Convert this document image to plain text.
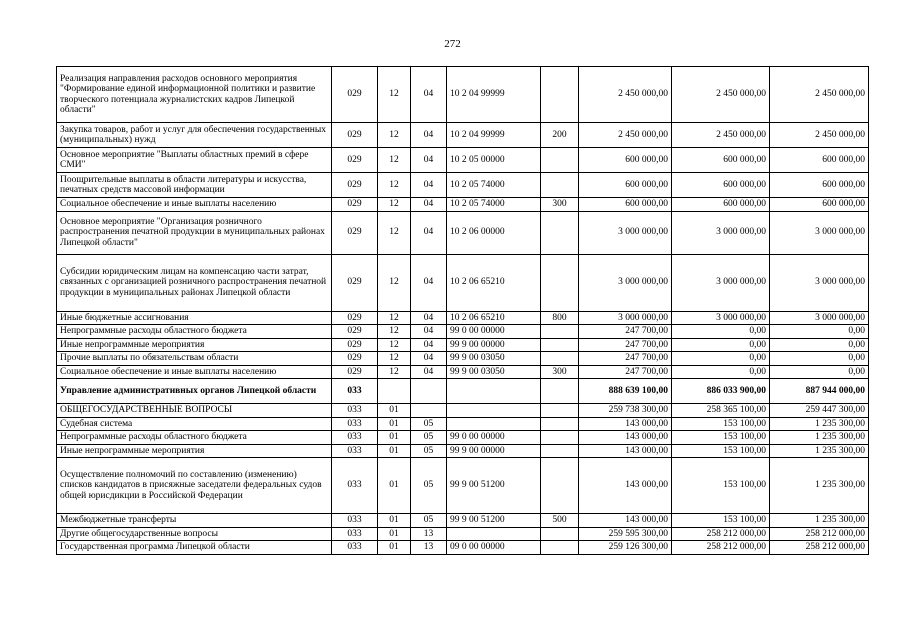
272
Реализация направления расходов основного мероприятия "Формирование единой информационной политики и развитие творческого потенциала журналистских кадров Липецкой области"	029	12	04	10 2 04 99999		2 450 000,00	2 450 000,00	2 450 000,00
Закупка товаров, работ и услуг для обеспечения государственных (муниципальных) нужд	029	12	04	10 2 04 99999	200	2 450 000,00	2 450 000,00	2 450 000,00
Основное мероприятие "Выплаты областных премий в сфере СМИ"	029	12	04	10 2 05 00000		600 000,00	600 000,00	600 000,00
Поощрительные выплаты в области литературы и искусства, печатных средств массовой информации	029	12	04	10 2 05 74000		600 000,00	600 000,00	600 000,00
Социальное обеспечение и иные выплаты населению	029	12	04	10 2 05 74000	300	600 000,00	600 000,00	600 000,00
Основное мероприятие "Организация розничного распространения печатной продукции в муниципальных районах Липецкой области"	029	12	04	10 2 06 00000		3 000 000,00	3 000 000,00	3 000 000,00
Субсидии юридическим лицам на компенсацию части затрат, связанных с организацией розничного распространения печатной продукции в муниципальных районах Липецкой области	029	12	04	10 2 06 65210		3 000 000,00	3 000 000,00	3 000 000,00
Иные бюджетные ассигнования	029	12	04	10 2 06 65210	800	3 000 000,00	3 000 000,00	3 000 000,00
Непрограммные расходы областного бюджета	029	12	04	99 0 00 00000		247 700,00	0,00	0,00
Иные непрограммные мероприятия	029	12	04	99 9 00 00000		247 700,00	0,00	0,00
Прочие выплаты по обязательствам области	029	12	04	99 9 00 03050		247 700,00	0,00	0,00
Социальное обеспечение и иные выплаты населению	029	12	04	99 9 00 03050	300	247 700,00	0,00	0,00
Управление административных органов Липецкой области	033					888 639 100,00	886 033 900,00	887 944 000,00
ОБЩЕГОСУДАРСТВЕННЫЕ ВОПРОСЫ	033	01				259 738 300,00	258 365 100,00	259 447 300,00
Судебная система	033	01	05			143 000,00	153 100,00	1 235 300,00
Непрограммные расходы областного бюджета	033	01	05	99 0 00 00000		143 000,00	153 100,00	1 235 300,00
Иные непрограммные мероприятия	033	01	05	99 9 00 00000		143 000,00	153 100,00	1 235 300,00
Осуществление полномочий по составлению (изменению) списков кандидатов в присяжные заседатели федеральных судов общей юрисдикции в Российской Федерации	033	01	05	99 9 00 51200		143 000,00	153 100,00	1 235 300,00
Межбюджетные трансферты	033	01	05	99 9 00 51200	500	143 000,00	153 100,00	1 235 300,00
Другие общегосударственные вопросы	033	01	13			259 595 300,00	258 212 000,00	258 212 000,00
Государственная программа Липецкой области	033	01	13	09 0 00 00000		259 126 300,00	258 212 000,00	258 212 000,00
